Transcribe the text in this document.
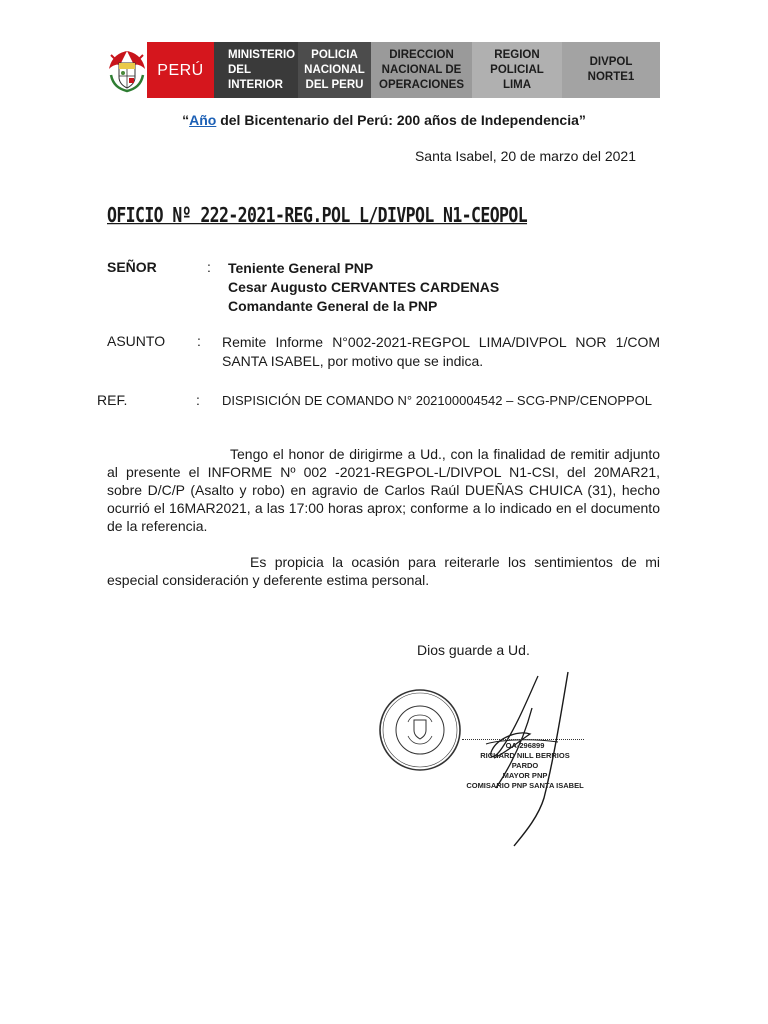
PERÚ
MINISTERIO
DEL
INTERIOR
POLICIA
NACIONAL
DEL PERU
DIRECCION
NACIONAL DE
OPERACIONES
REGION
POLICIAL
LIMA
DIVPOL
NORTE1
“Año del Bicentenario del Perú: 200 años de Independencia”
Santa Isabel, 20 de marzo del 2021
OFICIO Nº 222-2021-REG.POL L/DIVPOL N1-CEOPOL
SEÑOR	: Teniente General PNP
Cesar Augusto CERVANTES CARDENAS
Comandante General de la PNP
ASUNTO : Remite Informe N°002-2021-REGPOL LIMA/DIVPOL NOR 1/COM SANTA ISABEL, por motivo que se indica.
REF.	: DISPISICIÓN DE COMANDO N° 202100004542 – SCG-PNP/CENOPPOL
Tengo el honor de dirigirme a Ud., con la finalidad de remitir adjunto al presente el INFORME Nº 002 -2021-REGPOL-L/DIVPOL N1-CSI, del 20MAR21, sobre D/C/P (Asalto y robo) en agravio de Carlos Raúl DUEÑAS CHUICA (31), hecho ocurrió el 16MAR2021, a las 17:00 horas aprox; conforme a lo indicado en el documento de la referencia.
Es propicia la ocasión para reiterarle los sentimientos de mi especial consideración y deferente estima personal.
Dios guarde a Ud.
OA-296899
RICHARD NILL BERRIOS PARDO
MAYOR PNP
COMISARIO PNP SANTA ISABEL
